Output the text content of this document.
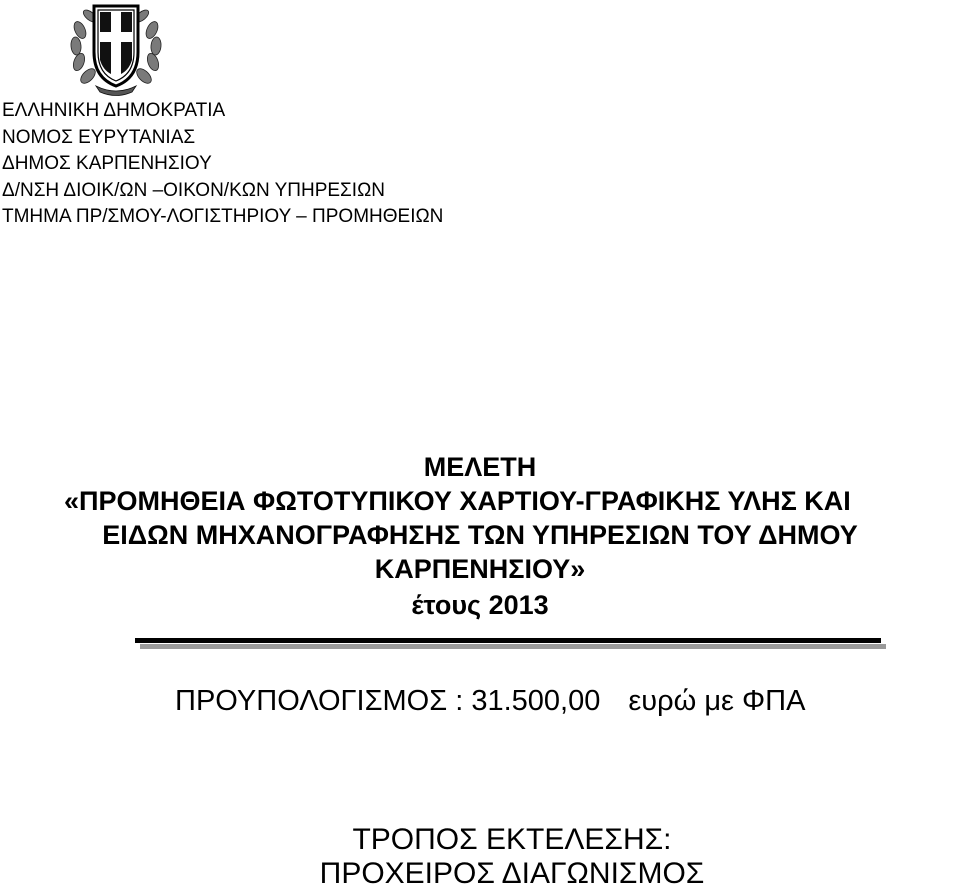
ΕΛΛΗΝΙΚΗ ΔΗΜΟΚΡΑΤΙΑ
ΝΟΜΟΣ ΕΥΡΥΤΑΝΙΑΣ
ΔΗΜΟΣ ΚΑΡΠΕΝΗΣΙΟΥ
Δ/ΝΣΗ ΔΙΟΙΚ/ΩΝ –ΟΙΚΟΝ/ΚΩΝ ΥΠΗΡΕΣΙΩΝ
ΤΜΗΜΑ ΠΡ/ΣΜΟΥ-ΛΟΓΙΣΤΗΡΙΟΥ – ΠΡΟΜΗΘΕΙΩΝ
ΜΕΛΕΤΗ
«ΠΡΟΜΗΘΕΙΑ ΦΩΤΟΤΥΠΙΚΟΥ ΧΑΡΤΙΟΥ-ΓΡΑΦΙΚΗΣ ΥΛΗΣ ΚΑΙ
ΕΙΔΩΝ ΜΗΧΑΝΟΓΡΑΦΗΣΗΣ ΤΩΝ ΥΠΗΡΕΣΙΩΝ ΤΟΥ ΔΗΜΟΥ
ΚΑΡΠΕΝΗΣΙΟΥ»
έτους 2013
ΠΡΟΥΠΟΛΟΓΙΣΜΟΣ : 31.500,00 ευρώ με ΦΠΑ
ΤΡΟΠΟΣ ΕΚΤΕΛΕΣΗΣ:
ΠΡΟΧΕΙΡΟΣ ΔΙΑΓΩΝΙΣΜΟΣ
